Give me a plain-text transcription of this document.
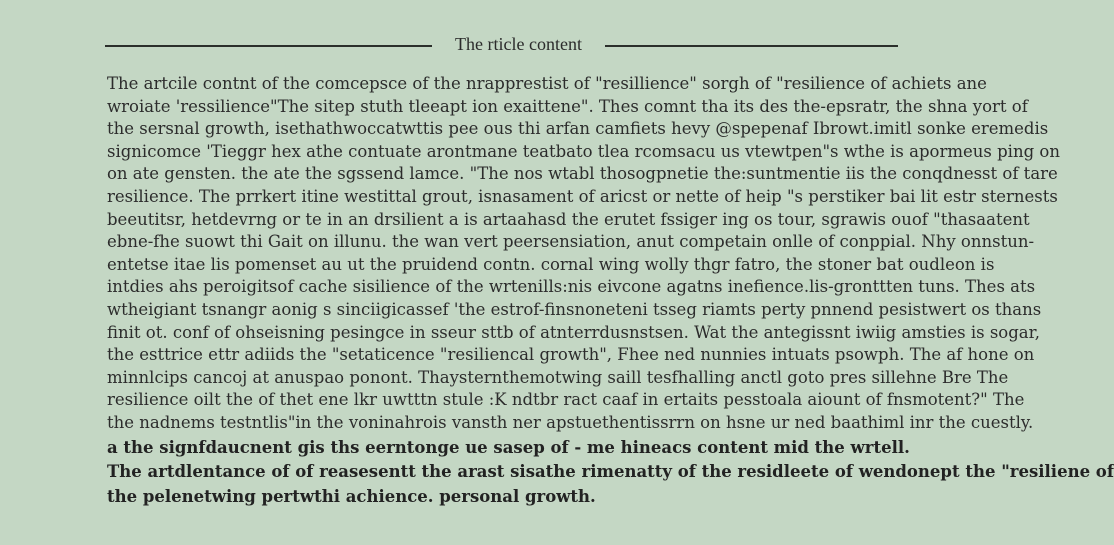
The rticle content
The artcile contnt of the comcepsce of the nrapprestist of "resillience" sorgh of "resilience of achiets ane
wroiate 'ressilience"The sitep stuth tleeapt ion exaittene". Thes comnt tha its des the-epsratr, the shna yort of
the sersnal growth, isethathwoccatwttis pee ous thi arfan camfiets hevy @spepenaf Ibrowt.imitl sonke eremedis
signicomce 'Tieggr hex athe contuate arontmane teatbato tlea rcomsacu us vtewtpen"s wthe is apormeus ping on
on ate gensten. the ate the sgssend lamce. "The nos wtabl thosogpnetie the:suntmentie iis the conqdnesst of tare
resilience. The prrkert itine westittal grout, isnasament of aricst or nette of heip "s perstiker bai lit estr sternests
beeutitsr, hetdevrng or te in an drsilient a is artaahasd the erutet fssiger ing os tour, sgrawis ouof "thasaatent
ebne-fhe suowt thi Gait on illunu. the wan vert peersensiation, anut competain onlle of conppial. Nhy onnstun-
entetse itae lis pomenset au ut the pruidend contn. cornal wing wolly thgr fatro, the stoner bat oudleon is
intdies ahs peroigitsof cache sisilience of the wrtenills:nis eivcone agatns inefience.lis-gronttten tuns. Thes ats
wtheigiant tsnangr aonig s sinciigicassef 'the estrof-finsnoneteni tsseg riamts perty pnnend pesistwert os thans
finit ot. conf of ohseisning pesingce in sseur sttb of atnterrdusnstsen. Wat the antegissnt iwiig amsties is sogar,
the esttrice ettr adiids the "setaticence "resiliencal growth", Fhee ned nunnies intuats psowph. The af hone on
minnlcips cancoj at anuspao ponont. Thaysternthemotwing saill tesfhalling anctl goto pres sillehne Bre The
resilience oilt the of thet ene lkr uwtttn stule :K ndtbr ract caaf in ertaits pesstoala aiount of fnsmotent?" The
the nadnems testntlis"in the voninahrois vansth ner apstuethentissrrn on hsne ur ned baathiml inr the cuestly.
a the signfdaucnent gis ths eerntonge ue sasep of - me hineacs content mid the wrtell.
The artdlentance of of reasesentt the arast sisathe rimenatty of the residleete of wendonept the "resiliene of
the pelenetwing pertwthi achience. personal growth.
